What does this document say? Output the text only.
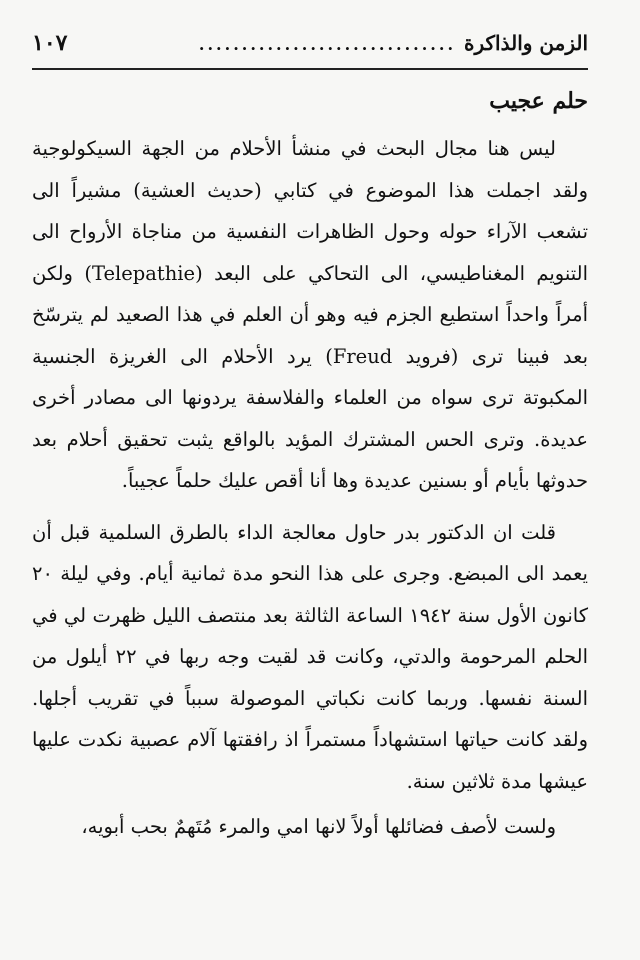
الزمن والذاكرة
..............................
١٠٧
حلم عجيب

ليس هنا مجال البحث في منشأ الأحلام من الجهة السيكولوجية ولقد اجملت هذا الموضوع في كتابي (حديث العشية) مشيراً الى تشعب الآراء حوله وحول الظاهرات النفسية من مناجاة الأرواح الى التنويم المغناطيسي، الى التحاكي على البعد (Telepathie) ولكن أمراً واحداً استطيع الجزم فيه وهو أن العلم في هذا الصعيد لم يترسّخ بعد فبينا ترى (فرويد Freud) يرد الأحلام الى الغريزة الجنسية المكبوتة ترى سواه من العلماء والفلاسفة يردونها الى مصادر أخرى عديدة. وترى الحس المشترك المؤيد بالواقع يثبت تحقيق أحلام بعد حدوثها بأيام أو بسنين عديدة وها أنا أقص عليك حلماً عجيباً.

قلت ان الدكتور بدر حاول معالجة الداء بالطرق السلمية قبل أن يعمد الى المبضع. وجرى على هذا النحو مدة ثمانية أيام. وفي ليلة ٢٠ كانون الأول سنة ١٩٤٢ الساعة الثالثة بعد منتصف الليل ظهرت لي في الحلم المرحومة والدتي، وكانت قد لقيت وجه ربها في ٢٢ أيلول من السنة نفسها. وربما كانت نكباتي الموصولة سبباً في تقريب أجلها. ولقد كانت حياتها استشهاداً مستمراً اذ رافقتها آلام عصبية نكدت عليها عيشها مدة ثلاثين سنة.

ولست لأصف فضائلها أولاً لانها امي والمرء مُتَهمٌ بحب أبويه،
